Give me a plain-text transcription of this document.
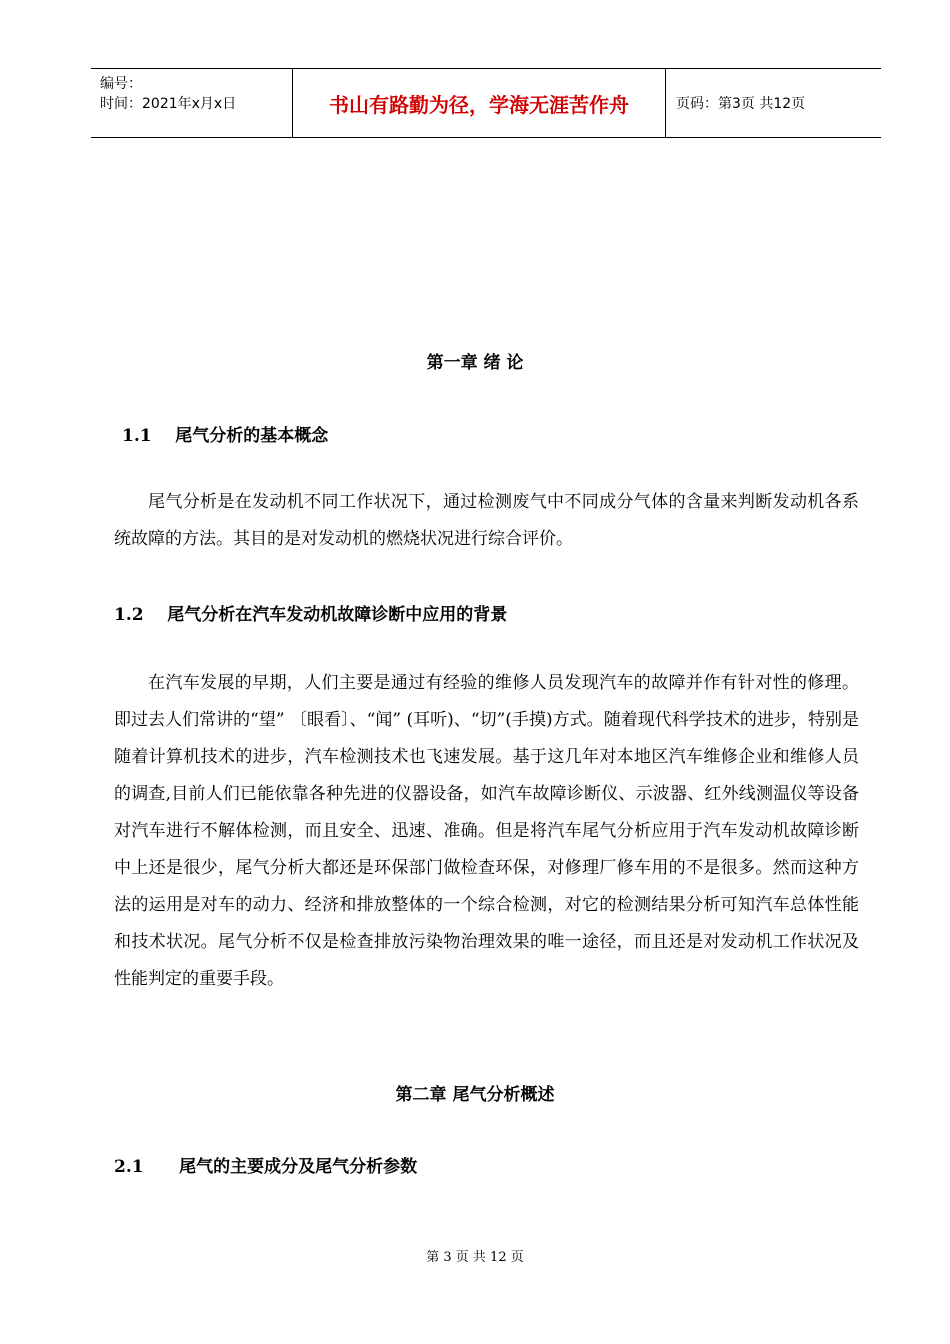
编号：
时间：2021年x月x日	书山有路勤为径，学海无涯苦作舟	页码：第3页 共12页
第一章 绪 论
1.1    尾气分析的基本概念

尾气分析是在发动机不同工作状况下，通过检测废气中不同成分气体的含量来判断发动机各系统故障的方法。其目的是对发动机的燃烧状况进行综合评价。

1.2    尾气分析在汽车发动机故障诊断中应用的背景

在汽车发展的早期，人们主要是通过有经验的维修人员发现汽车的故障并作有针对性的修理。即过去人们常讲的“望” 〔眼看〕、“闻” (耳听)、“切”(手摸)方式。随着现代科学技术的进步，特别是随着计算机技术的进步，汽车检测技术也飞速发展。基于这几年对本地区汽车维修企业和维修人员的调查,目前人们已能依靠各种先进的仪器设备，如汽车故障诊断仪、示波器、红外线测温仪等设备对汽车进行不解体检测，而且安全、迅速、准确。但是将汽车尾气分析应用于汽车发动机故障诊断中上还是很少，尾气分析大都还是环保部门做检查环保，对修理厂修车用的不是很多。然而这种方法的运用是对车的动力、经济和排放整体的一个综合检测，对它的检测结果分析可知汽车总体性能和技术状况。尾气分析不仅是检查排放污染物治理效果的唯一途径，而且还是对发动机工作状况及性能判定的重要手段。

第二章 尾气分析概述
2.1      尾气的主要成分及尾气分析参数
第 3 页 共 12 页
